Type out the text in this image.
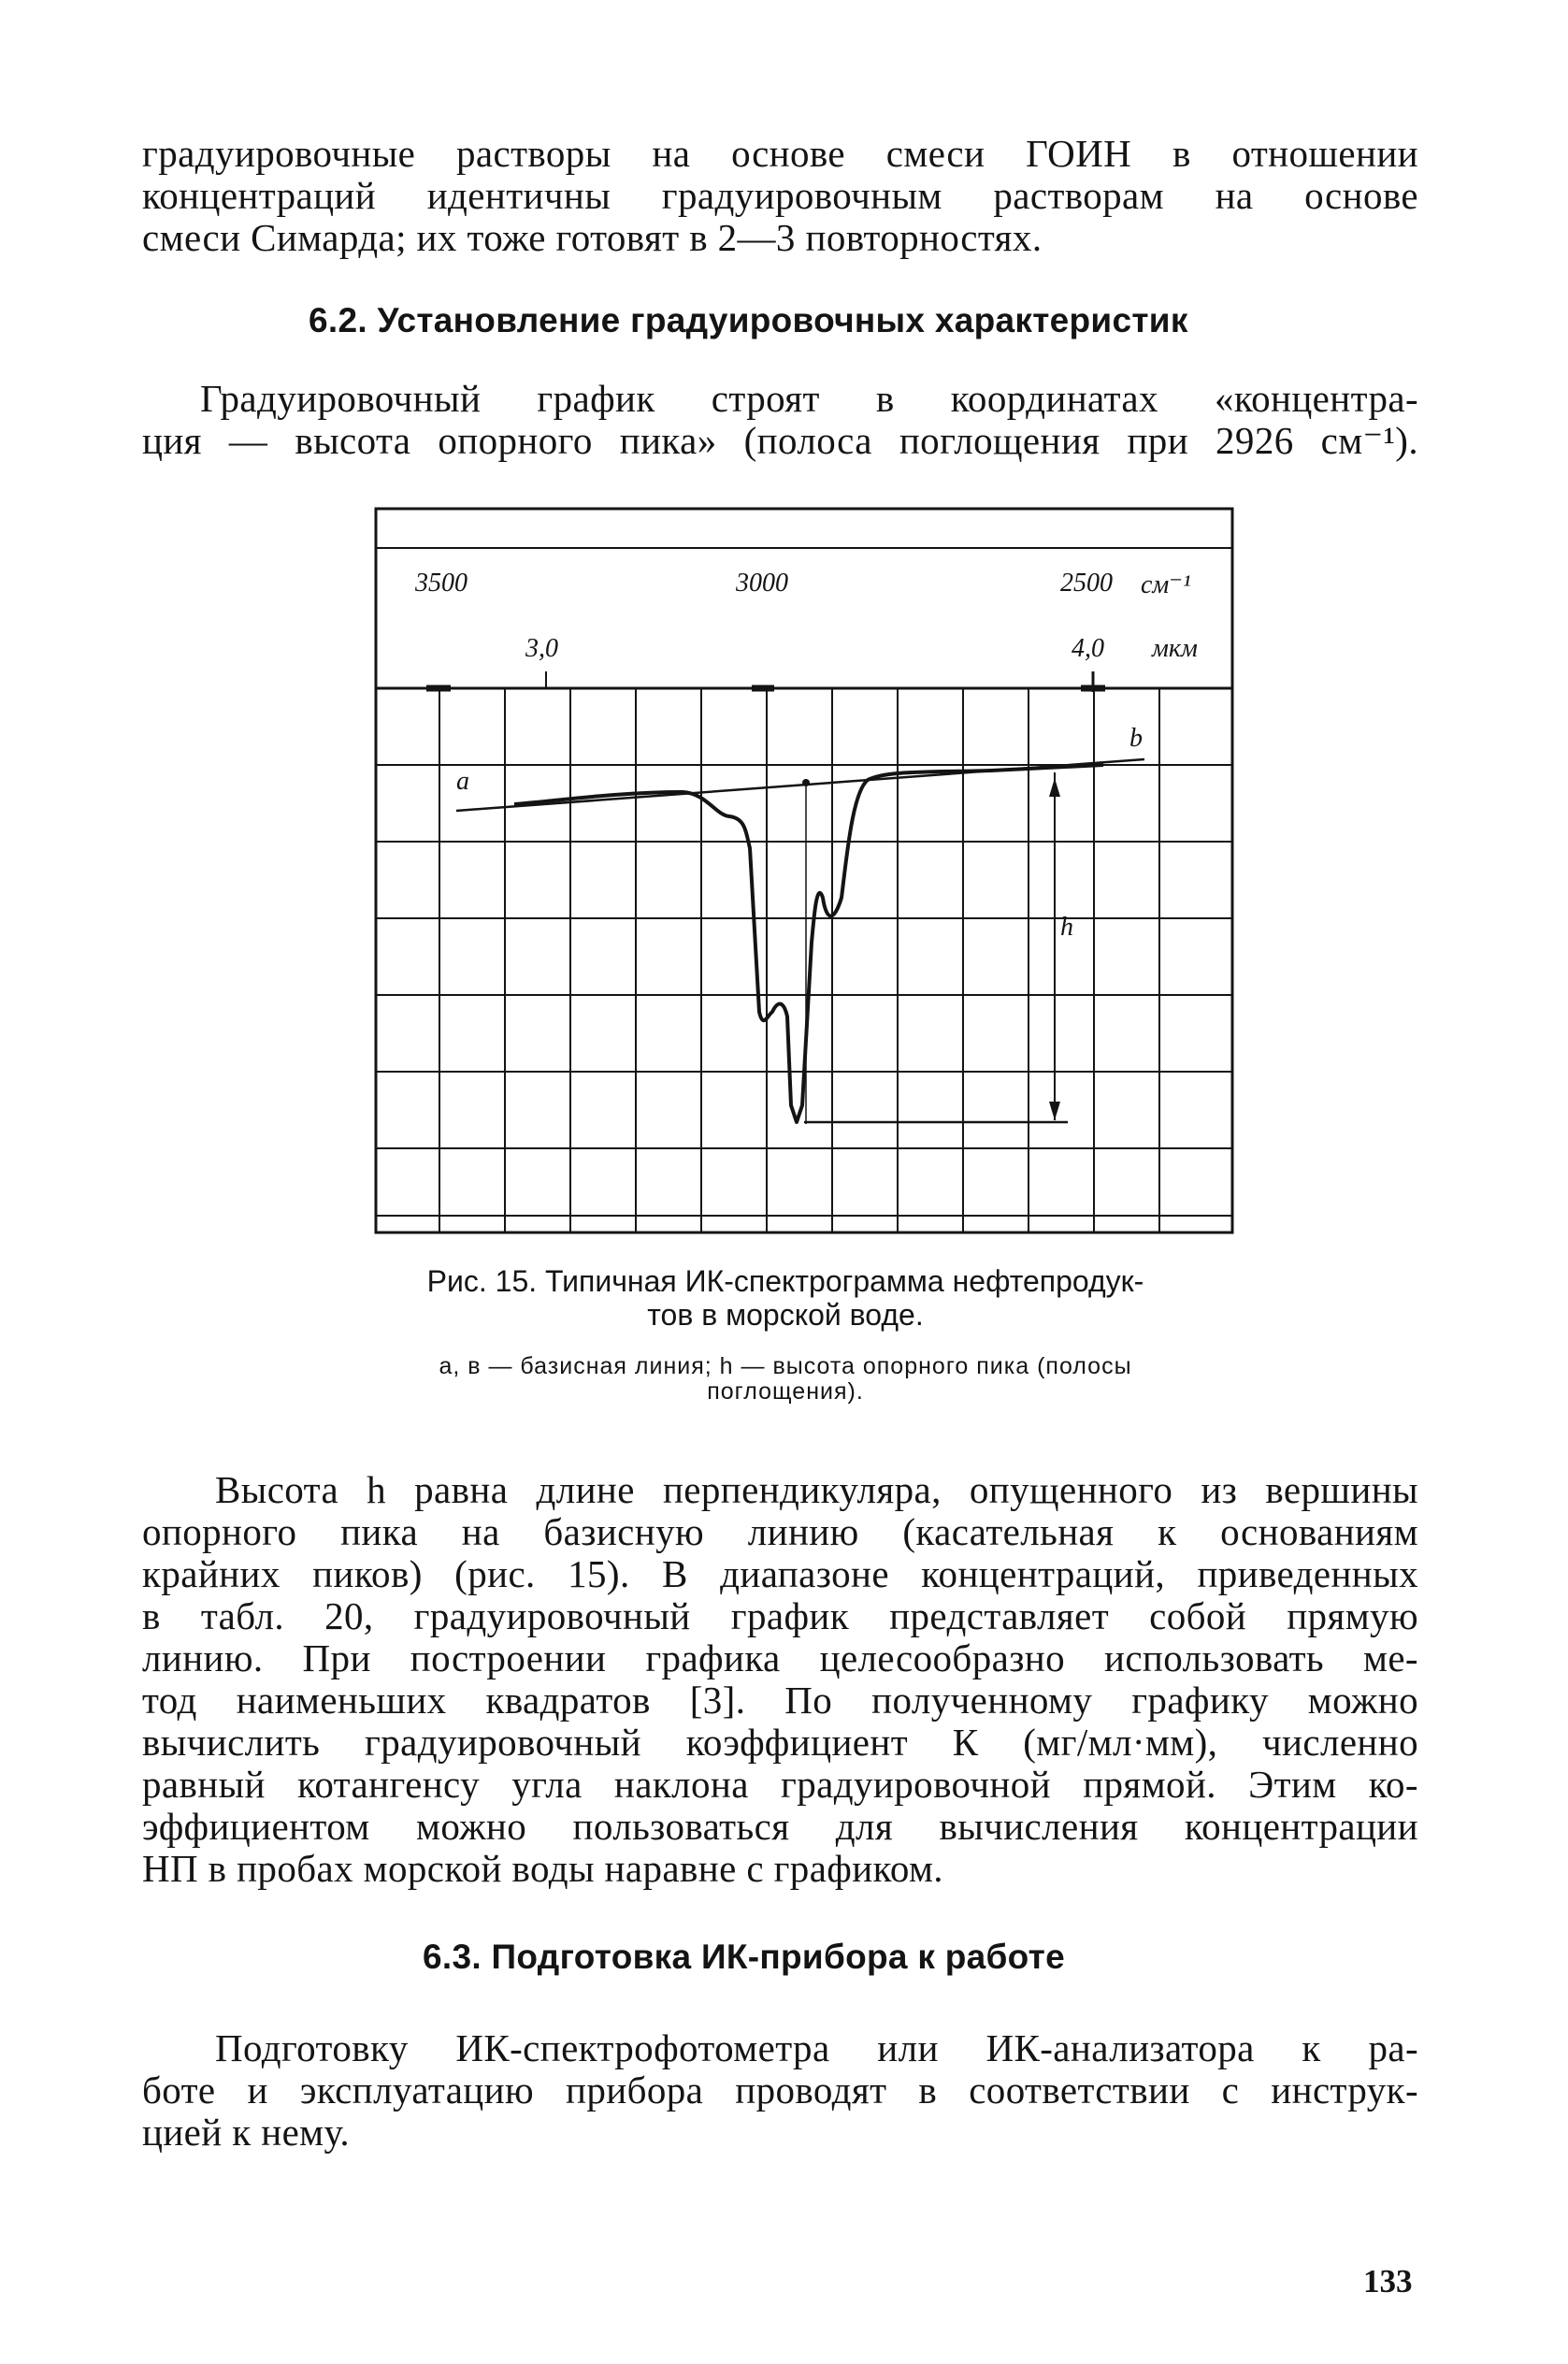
градуировочные растворы на основе смеси ГОИН в отношении
концентраций идентичны градуировочным растворам на основе
смеси Симарда; их тоже готовят в 2—3 повторностях.

6.2. Установление градуировочных характеристик

Градуировочный график строят в координатах «концентра-
ция — высота опорного пика» (полоса поглощения при 2926 см⁻¹).

3500	3000	2500 см⁻¹
3,0	4,0 мкм
a
b
h

Рис. 15. Типичная ИК-спектрограмма нефтепродук-
тов в морской воде.

а, в — базисная линия; h — высота опорного пика (полосы
поглощения).

Высота h равна длине перпендикуляра, опущенного из вершины
опорного пика на базисную линию (касательная к основаниям
крайних пиков) (рис. 15). В диапазоне концентраций, приведенных
в табл. 20, градуировочный график представляет собой прямую
линию. При построении графика целесообразно использовать ме-
тод наименьших квадратов [3]. По полученному графику можно
вычислить градуировочный коэффициент К (мг/мл·мм), численно
равный котангенсу угла наклона градуировочной прямой. Этим ко-
эффициентом можно пользоваться для вычисления концентрации
НП в пробах морской воды наравне с графиком.

6.3. Подготовка ИК-прибора к работе

Подготовку ИК-спектрофотометра или ИК-анализатора к ра-
боте и эксплуатацию прибора проводят в соответствии с инструк-
цией к нему.

133
